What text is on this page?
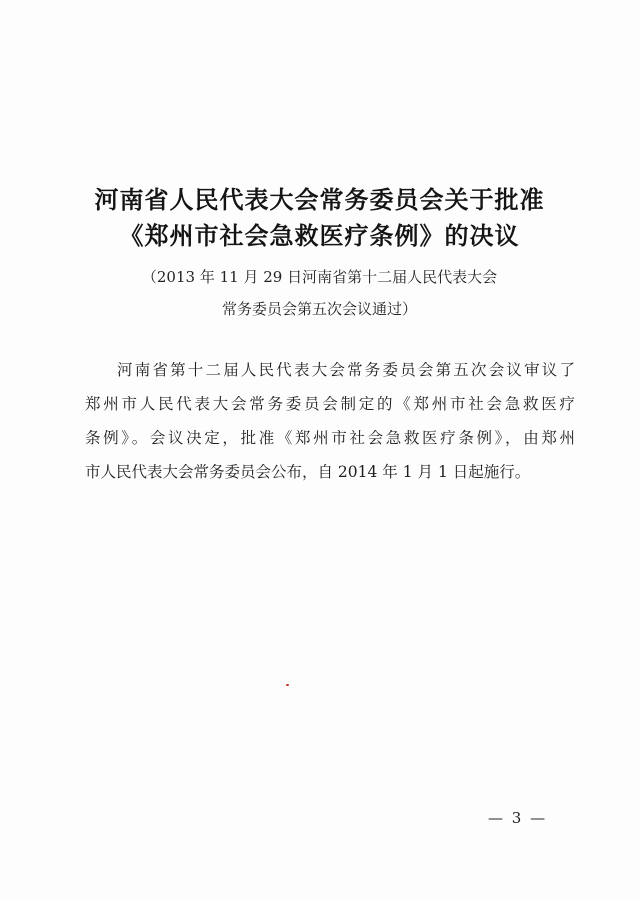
河南省人民代表大会常务委员会关于批准
《郑州市社会急救医疗条例》的决议
（2013 年 11 月 29 日河南省第十二届人民代表大会
常务委员会第五次会议通过）
河南省第十二届人民代表大会常务委员会第五次会议审议了
郑州市人民代表大会常务委员会制定的《郑州市社会急救医疗
条例》。会议决定，批准《郑州市社会急救医疗条例》，由郑州
市人民代表大会常务委员会公布，自 2014 年 1 月 1 日起施行。
— 3 —
